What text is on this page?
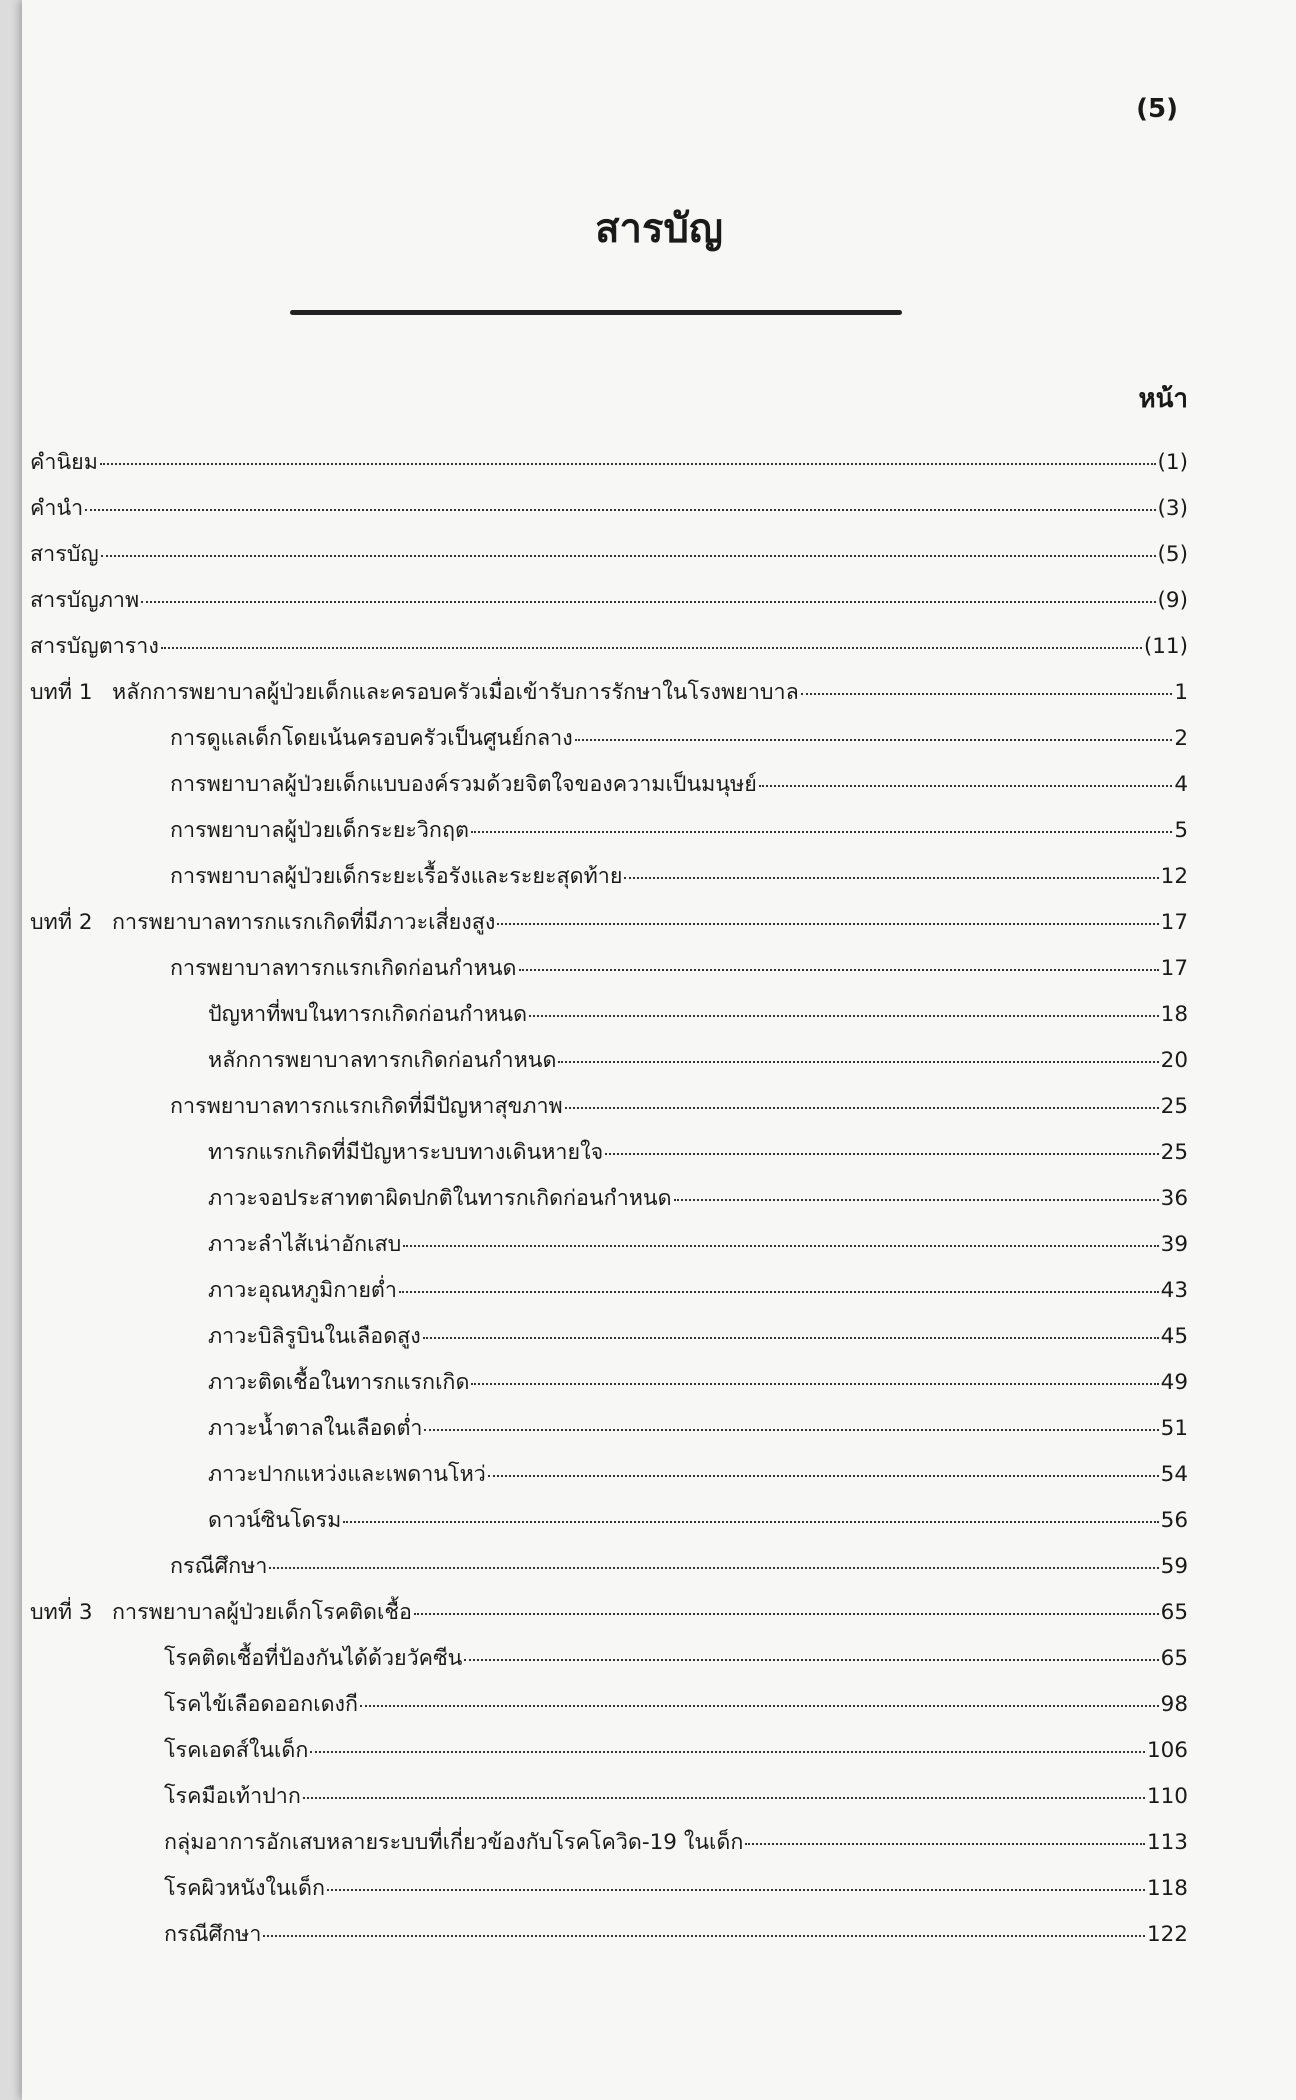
(5)
สารบัญ
หน้า
คำนิยม	(1)
คำนำ	(3)
สารบัญ	(5)
สารบัญภาพ	(9)
สารบัญตาราง	(11)
บทที่ 1 หลักการพยาบาลผู้ป่วยเด็กและครอบครัวเมื่อเข้ารับการรักษาในโรงพยาบาล	1
การดูแลเด็กโดยเน้นครอบครัวเป็นศูนย์กลาง	2
การพยาบาลผู้ป่วยเด็กแบบองค์รวมด้วยจิตใจของความเป็นมนุษย์	4
การพยาบาลผู้ป่วยเด็กระยะวิกฤต	5
การพยาบาลผู้ป่วยเด็กระยะเรื้อรังและระยะสุดท้าย	12
บทที่ 2 การพยาบาลทารกแรกเกิดที่มีภาวะเสี่ยงสูง	17
การพยาบาลทารกแรกเกิดก่อนกำหนด	17
ปัญหาที่พบในทารกเกิดก่อนกำหนด	18
หลักการพยาบาลทารกเกิดก่อนกำหนด	20
การพยาบาลทารกแรกเกิดที่มีปัญหาสุขภาพ	25
ทารกแรกเกิดที่มีปัญหาระบบทางเดินหายใจ	25
ภาวะจอประสาทตาผิดปกติในทารกเกิดก่อนกำหนด	36
ภาวะลำไส้เน่าอักเสบ	39
ภาวะอุณหภูมิกายต่ำ	43
ภาวะบิลิรูบินในเลือดสูง	45
ภาวะติดเชื้อในทารกแรกเกิด	49
ภาวะน้ำตาลในเลือดต่ำ	51
ภาวะปากแหว่งและเพดานโหว่	54
ดาวน์ซินโดรม	56
กรณีศึกษา	59
บทที่ 3 การพยาบาลผู้ป่วยเด็กโรคติดเชื้อ	65
โรคติดเชื้อที่ป้องกันได้ด้วยวัคซีน	65
โรคไข้เลือดออกเดงกี	98
โรคเอดส์ในเด็ก	106
โรคมือเท้าปาก	110
กลุ่มอาการอักเสบหลายระบบที่เกี่ยวข้องกับโรคโควิด-19 ในเด็ก	113
โรคผิวหนังในเด็ก	118
กรณีศึกษา	122
